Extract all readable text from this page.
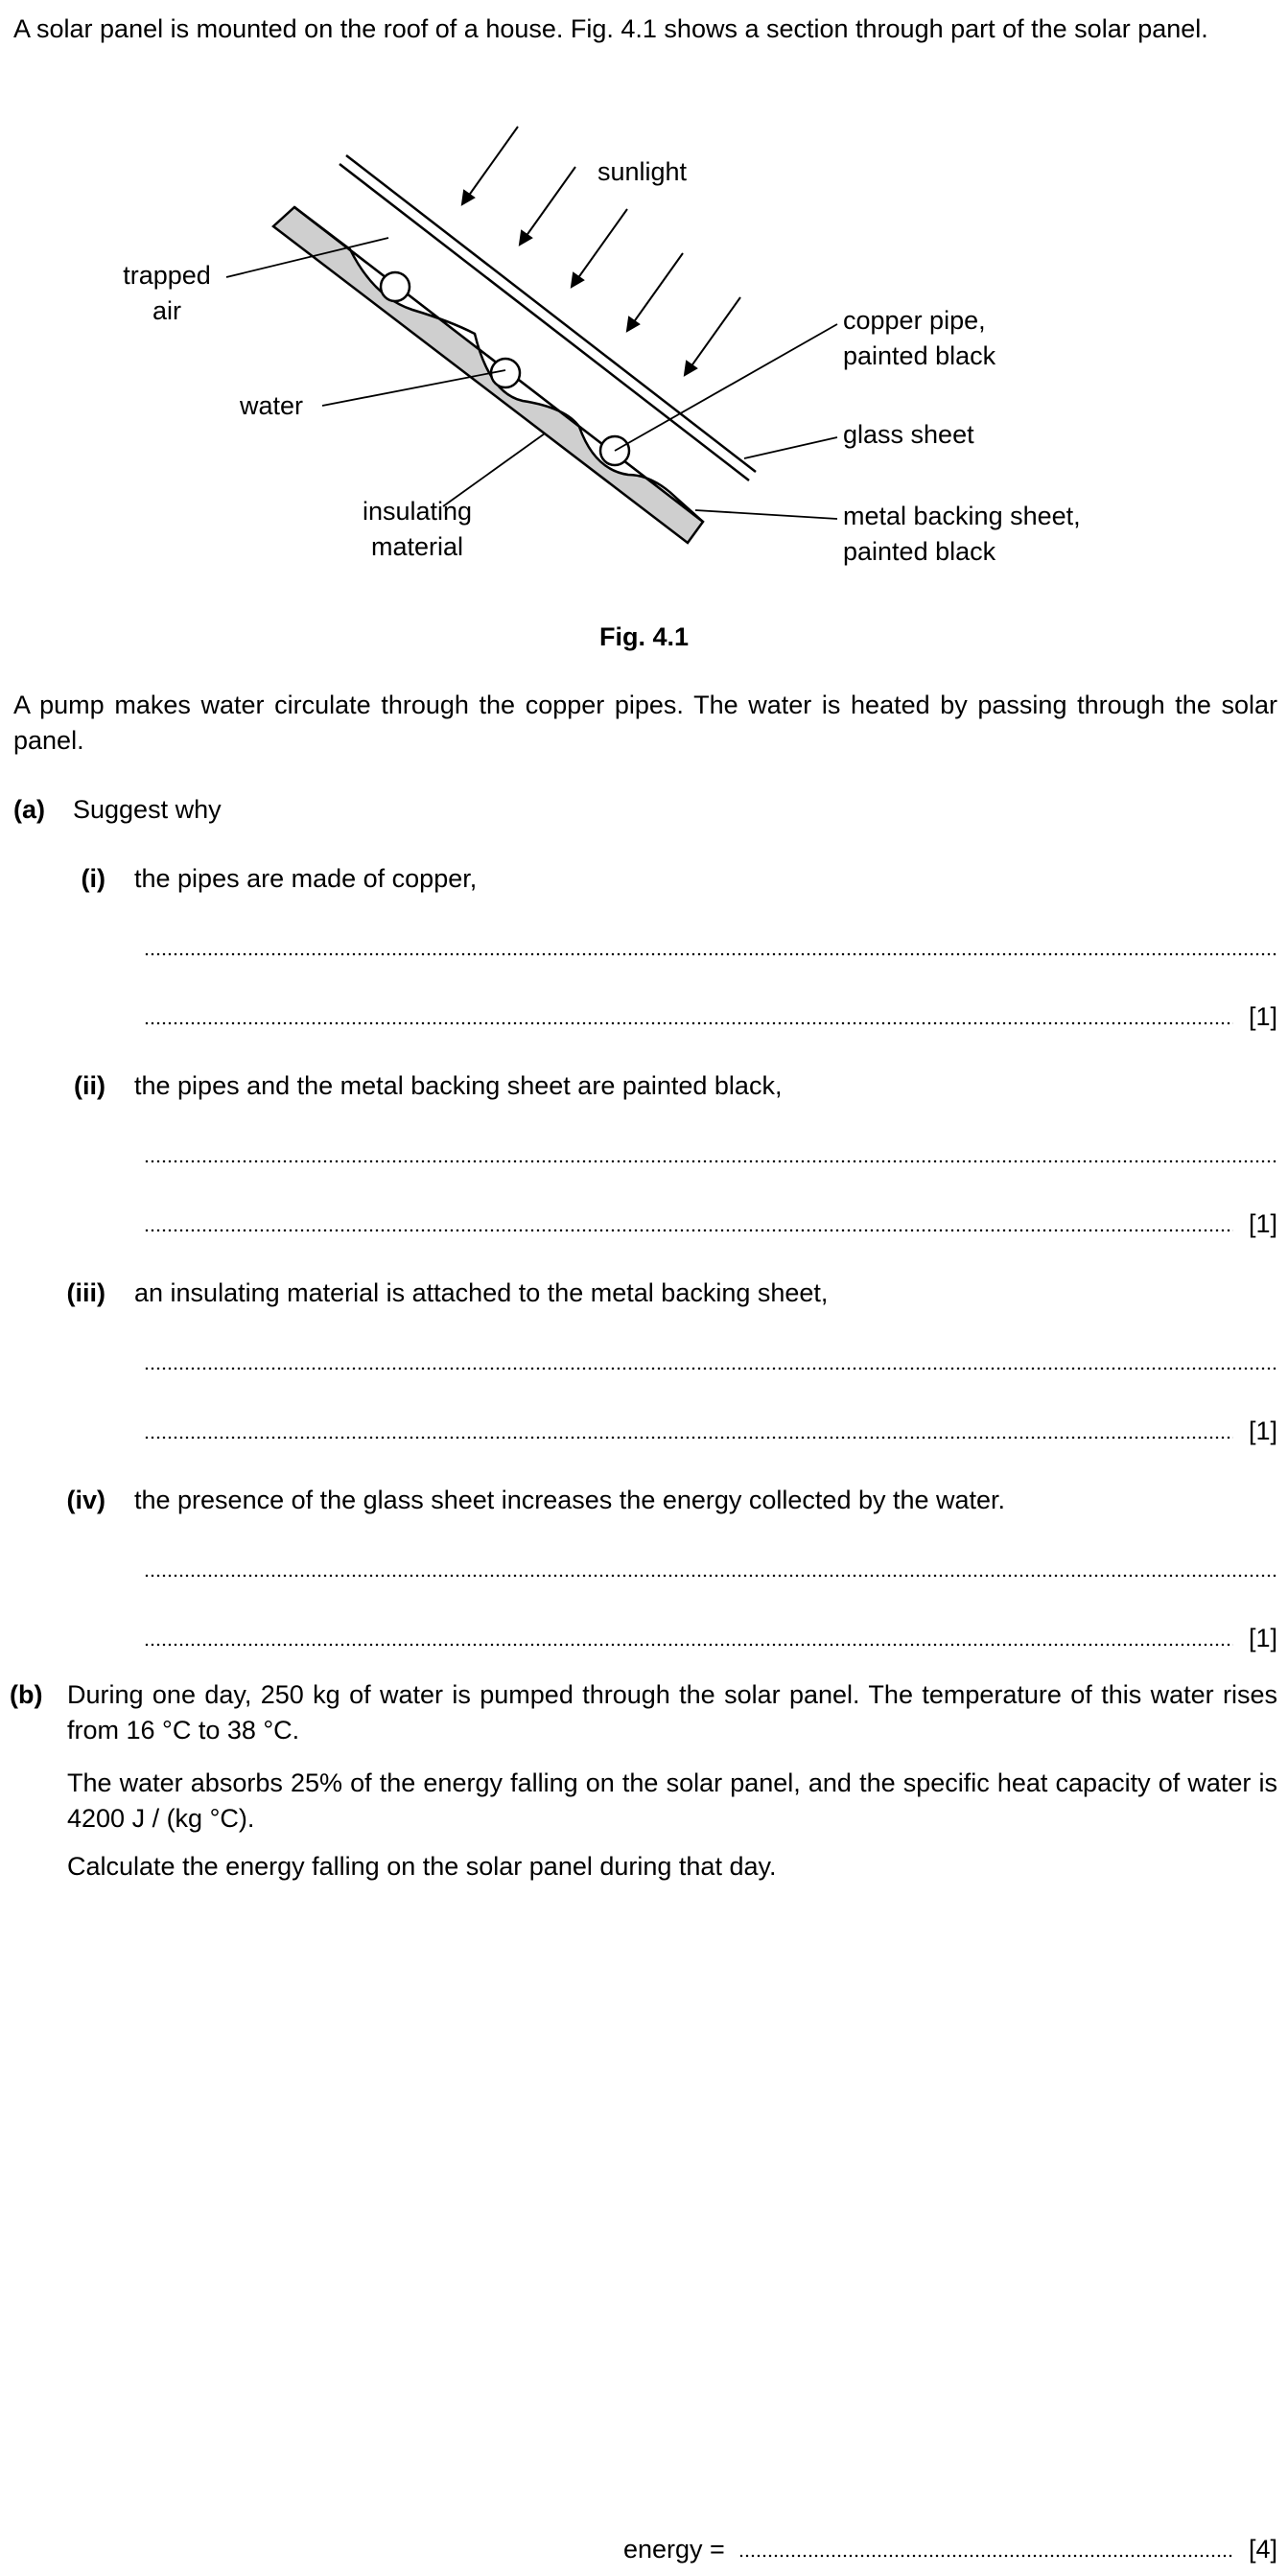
A solar panel is mounted on the roof of a house. Fig. 4.1 shows a section through part of the solar panel.
sunlight
trapped
air
water
insulating
material
copper pipe,
painted black
glass sheet
metal backing sheet,
painted black
Fig. 4.1
A pump makes water circulate through the copper pipes. The water is heated by passing through the solar panel.
(a) Suggest why
(i) the pipes are made of copper,
[1]
(ii) the pipes and the metal backing sheet are painted black,
[1]
(iii) an insulating material is attached to the metal backing sheet,
[1]
(iv) the presence of the glass sheet increases the energy collected by the water.
[1]
(b) During one day, 250 kg of water is pumped through the solar panel. The temperature of this water rises from 16 °C to 38 °C.
The water absorbs 25% of the energy falling on the solar panel, and the specific heat capacity of water is 4200 J / (kg °C).
Calculate the energy falling on the solar panel during that day.
energy =	[4]
